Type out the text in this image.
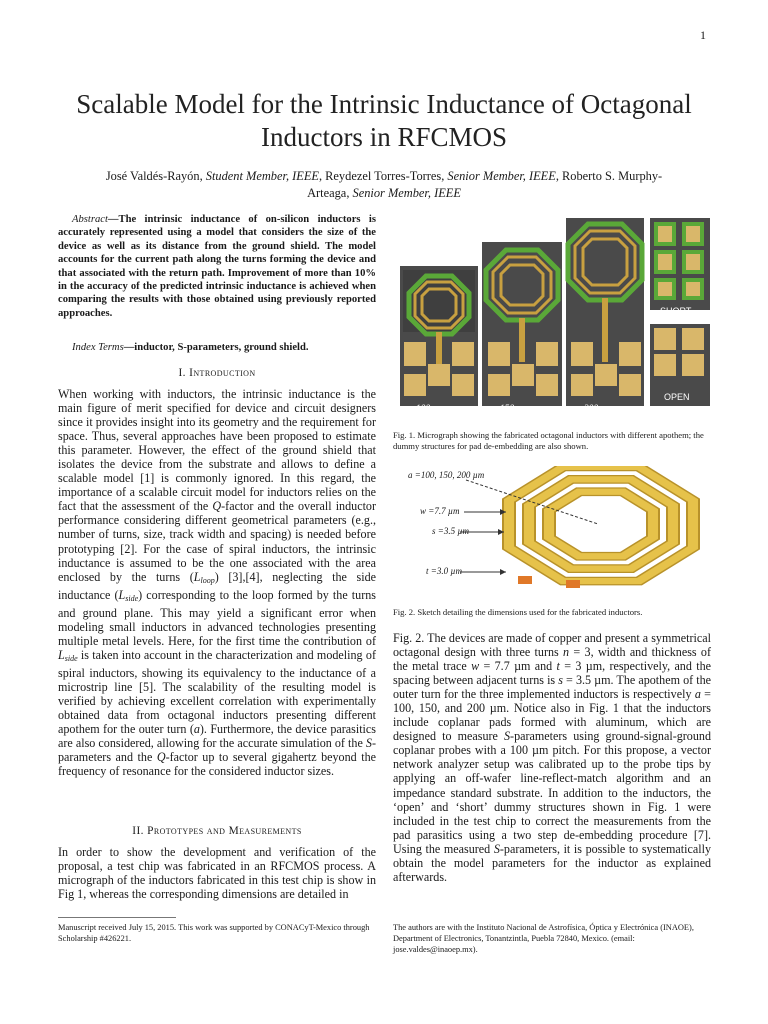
1
Scalable Model for the Intrinsic Inductance of Octagonal Inductors in RFCMOS
José Valdés-Rayón, Student Member, IEEE, Reydezel Torres-Torres, Senior Member, IEEE, Roberto S. Murphy-Arteaga, Senior Member, IEEE
Abstract—The intrinsic inductance of on-silicon inductors is accurately represented using a model that considers the size of the device as well as its distance from the ground shield. The model accounts for the current path along the turns forming the device and that associated with the return path. Improvement of more than 10% in the accuracy of the predicted intrinsic inductance is achieved when comparing the results with those obtained using previously reported approaches.
Index Terms—inductor, S-parameters, ground shield.
I. Introduction

When working with inductors, the intrinsic inductance is the main figure of merit specified for device and circuit designers since it provides insight into its geometry and the requirement for space. Thus, several approaches have been proposed to estimate this parameter. However, the effect of the ground shield that isolates the device from the substrate and allows to define a scalable model [1] is commonly ignored. In this regard, the importance of a scalable circuit model for inductors relies on the fact that the assessment of the Q-factor and the overall inductor performance considering different geometrical parameters (e.g., number of turns, size, track width and spacing) is needed before prototyping [2]. For the case of spiral inductors, the intrinsic inductance is assumed to be the one associated with the area enclosed by the turns $(L_{loop})$ [3],[4], neglecting the side inductance $(L_{side})$ corresponding to the loop formed by the turns and ground plane. This may yield a significant error when modeling small inductors in advanced technologies presenting multiple metal levels. Here, for the first time the contribution of $L_{side}$ is taken into account in the characterization and modeling of spiral inductors, showing its equivalency to the inductance of a microstrip line [5]. The scalability of the resulting model is verified by achieving excellent correlation with experimentally obtained data from octagonal inductors presenting different apothem for the outer turn (a). Furthermore, the device parasitics are also considered, allowing for the accurate simulation of the S-parameters and the Q-factor up to several gigahertz beyond the frequency of resonance for the considered inductor sizes.

II. Prototypes and Measurements

In order to show the development and verification of the proposal, a test chip was fabricated in an RFCMOS process. A micrograph of the inductors fabricated in this test chip is show in Fig 1, whereas the corresponding dimensions are detailed in

Manuscript received July 15, 2015. This work was supported by CONACyT-Mexico through Scholarship #426221.
SHORT
OPEN
a = 100 µm	a = 150 µm	a = 200 µm
Fig. 1. Micrograph showing the fabricated octagonal inductors with different apothem; the dummy structures for pad de-embedding are also shown.
a =100, 150, 200 µm
w =7.7 µm
s =3.5 µm
t =3.0 µm
Fig. 2. Sketch detailing the dimensions used for the fabricated inductors.

Fig. 2. The devices are made of copper and present a symmetrical octagonal design with three turns n = 3, width and thickness of the metal trace w = 7.7 µm and t = 3 µm, respectively, and the spacing between adjacent turns is s = 3.5 µm. The apothem of the outer turn for the three implemented inductors is respectively a = 100, 150, and 200 µm. Notice also in Fig. 1 that the inductors include coplanar pads formed with aluminum, which are designed to measure S-parameters using ground-signal-ground coplanar probes with a 100 µm pitch. For this propose, a vector network analyzer setup was calibrated up to the probe tips by applying an off-wafer line-reflect-match algorithm and an impedance standard substrate. In addition to the inductors, the ‘open’ and ‘short’ dummy structures shown in Fig. 1 were included in the test chip to correct the measurements from the pad parasitics using a two step de-embedding procedure [7]. Using the measured S-parameters, it is possible to systematically obtain the model parameters for the inductor as explained afterwards.

The authors are with the Instituto Nacional de Astrofísica, Óptica y Electrónica (INAOE), Department of Electronics, Tonantzintla, Puebla 72840, Mexico. (email: jose.valdes@inaoep.mx).
